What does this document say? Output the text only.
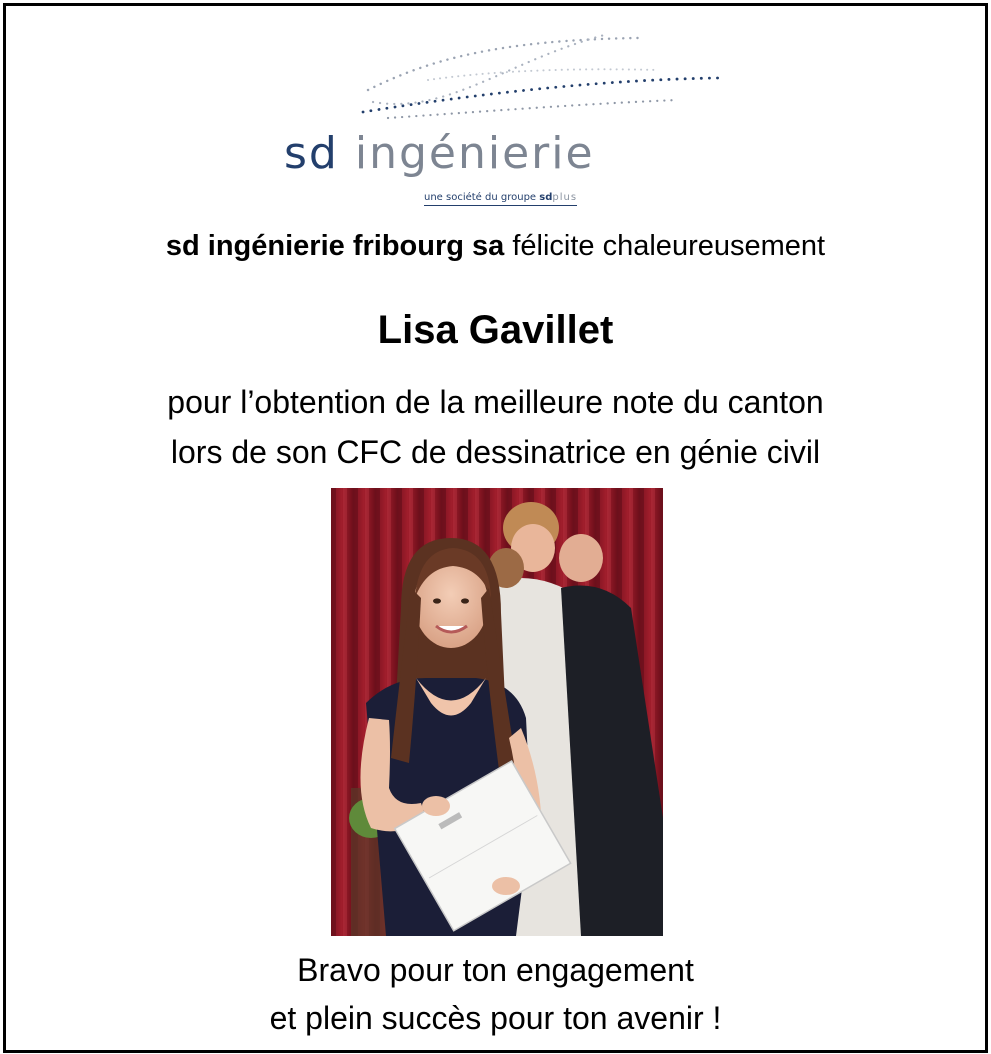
sd ingénierie
une société du groupe sdplus

sd ingénierie fribourg sa félicite chaleureusement

Lisa Gavillet

pour l’obtention de la meilleure note du canton

lors de son CFC de dessinatrice en génie civil

Bravo pour ton engagement

et plein succès pour ton avenir !
